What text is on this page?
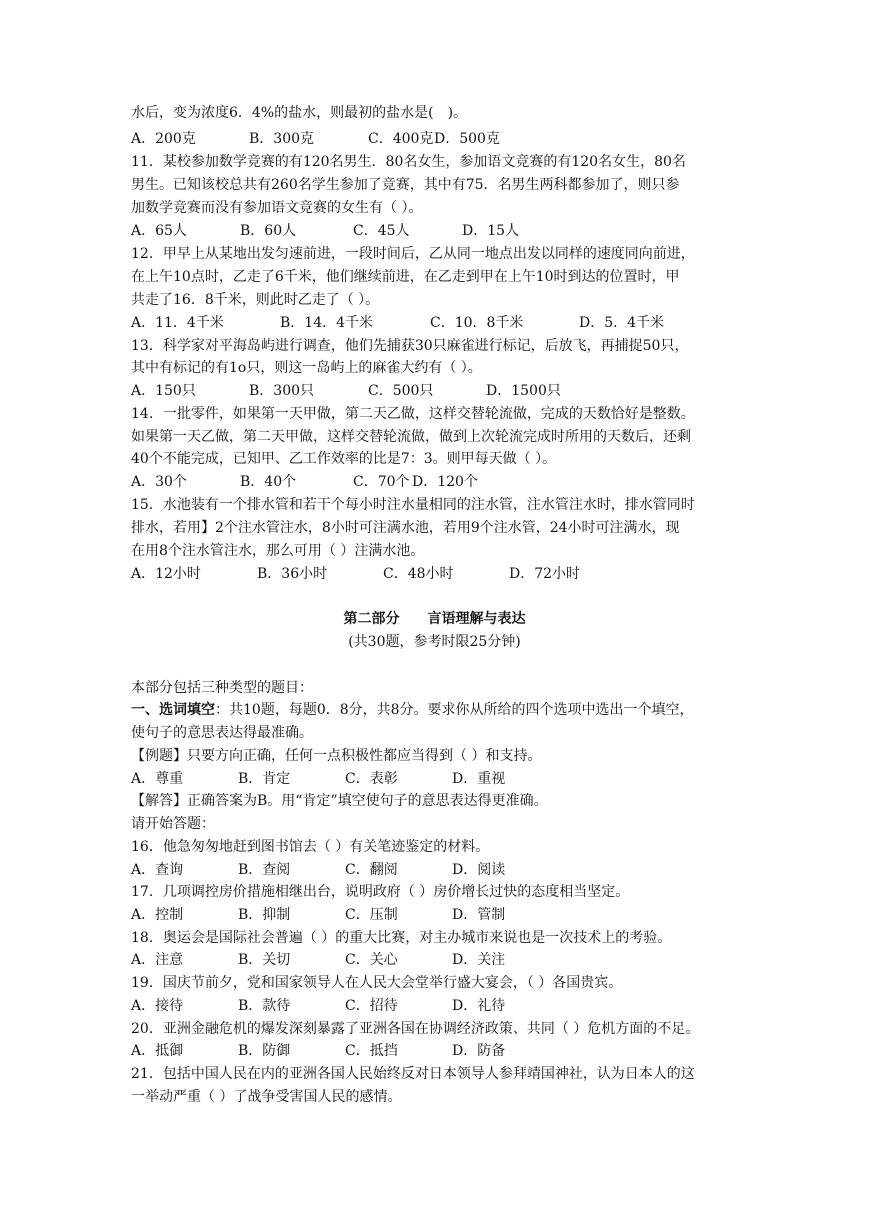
水后，变为浓度6．4%的盐水，则最初的盐水是(　)。
A．200克	B．300克	C．400克 D．500克
11．某校参加数学竞赛的有120名男生．80名女生，参加语文竞赛的有120名女生，80名
男生。已知该校总共有260名学生参加了竞赛，其中有75．名男生两科都参加了，则只参
加数学竞赛而没有参加语文竞赛的女生有（ ）。
A．65人	B．60人	C．45人	D．15人
12．甲早上从某地出发匀速前进，一段时间后，乙从同一地点出发以同样的速度同向前进，
在上午10点时，乙走了6千米，他们继续前进，在乙走到甲在上午10时到达的位置时，甲
共走了16．8千米，则此时乙走了（ ）。
A．11．4千米	B．14．4千米	C．10．8千米	D．5．4千米
13．科学家对平海岛屿进行调查，他们先捕获30只麻雀进行标记，后放飞，再捕捉50只，
其中有标记的有1o只，则这一岛屿上的麻雀大约有（ ）。
A．150只	B．300只	C．500只	D．1500只
14．一批零件，如果第一天甲做，第二天乙做，这样交替轮流做，完成的天数恰好是整数。
如果第一天乙做，第二天甲做，这样交替轮流做，做到上次轮流完成时所用的天数后，还剩
40个不能完成，已知甲、乙工作效率的比是7：3。则甲每天做（ ）。
A．30个	B．40个	C．70个 D．120个
15．水池装有一个排水管和若干个每小时注水量相同的注水管，注水管注水时，排水管同时
排水，若用】2个注水管注水，8小时可注满水池，若用9个注水管，24小时可注满水，现
在用8个注水管注水，那么可用（ ）注满水池。
A．12小时	B．36小时	C．48小时	D．72小时
第二部分　　言语理解与表达
(共30题，参考时限25分钟)
本部分包括三种类型的题目：
一、选词填空：共10题，每题0．8分，共8分。要求你从所给的四个选项中选出一个填空，
使句子的意思表达得最准确。
【例题】只要方向正确，任何一点积极性都应当得到（ ）和支持。
A．尊重	B．肯定	C．表彰	D．重视
【解答】正确答案为B。用“肯定”填空使句子的意思表达得更准确。
请开始答题：
16．他急匆匆地赶到图书馆去（ ）有关笔迹鉴定的材料。
A．查询	B．查阅	C．翻阅	D．阅读
17．几项调控房价措施相继出台，说明政府（ ）房价增长过快的态度相当坚定。
A．控制	B．抑制	C．压制	D．管制
18．奥运会是国际社会普遍（ ）的重大比赛，对主办城市来说也是一次技术上的考验。
A．注意	B．关切	C．关心	D．关注
19．国庆节前夕，党和国家领导人在人民大会堂举行盛大宴会，（ ）各国贵宾。
A．接待	B．款待	C．招待	D．礼待
20．亚洲金融危机的爆发深刻暴露了亚洲各国在协调经济政策、共同（ ）危机方面的不足。
A．抵御	B．防御	C．抵挡	D．防备
21．包括中国人民在内的亚洲各国人民始终反对日本领导人参拜靖国神社，认为日本人的这
一举动严重（ ）了战争受害国人民的感情。
